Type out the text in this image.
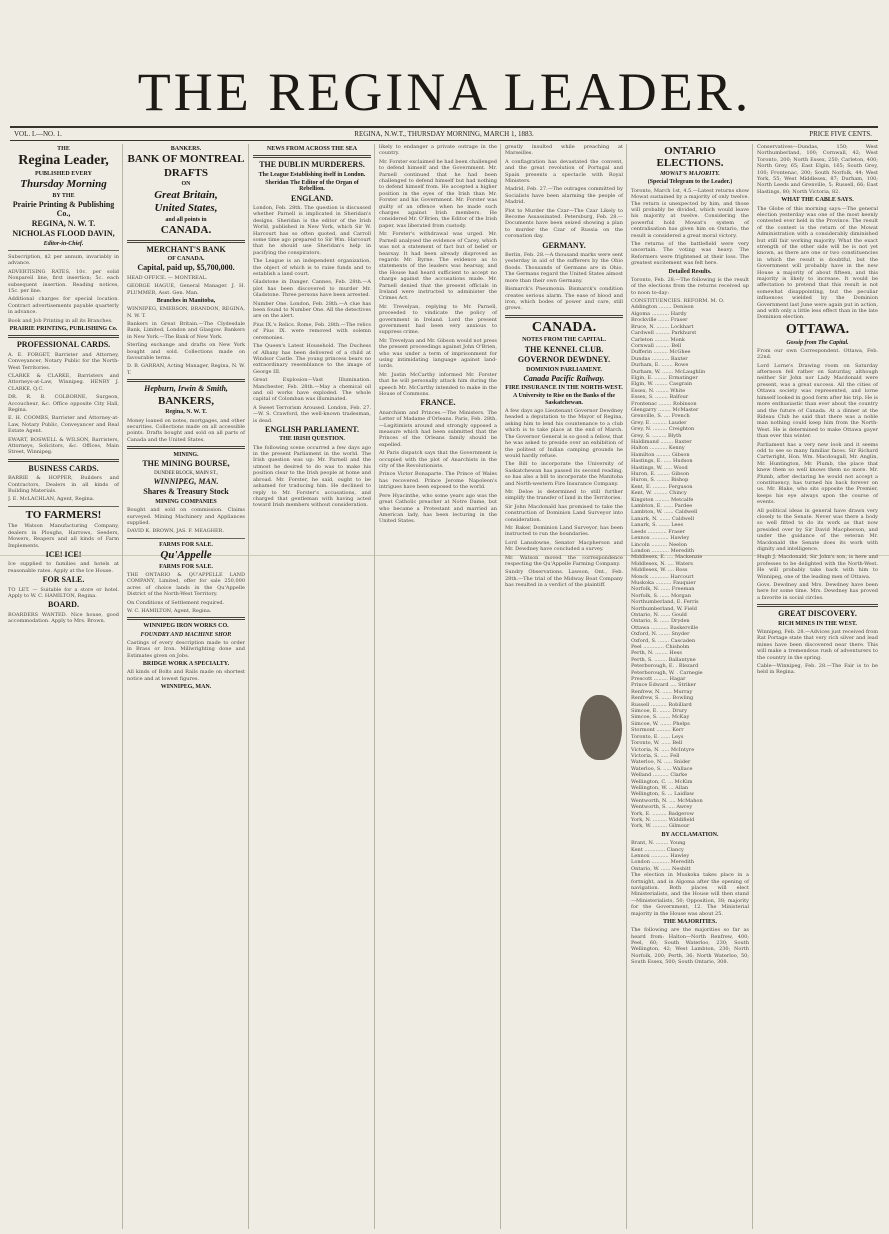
THE REGINA LEADER.
VOL. I.—NO. 1.	REGINA, N.W.T., THURSDAY MORNING, MARCH 1, 1883.	PRICE FIVE CENTS.
THE
Regina Leader,
PUBLISHED EVERY
Thursday Morning
BY THE
Prairie Printing & Publishing Co.,
REGINA, N. W. T.
NICHOLAS FLOOD DAVIN,
Editor-in-Chief.

Subscription, $2 per annum, invariably in advance.

ADVERTISING RATES, 10c. per solid Nonpareil line, first insertion; 5c. each subsequent insertion. Reading notices, 15c. per line.

Additional charges for special location. Contract advertisements payable quarterly in advance.

Book and Job Printing in all its Branches.

PRAIRIE PRINTING, PUBLISHING Co.
PROFESSIONAL CARDS.

A. E. FORGET, Barrister and Attorney, Conveyancer, Notary Public for the North-West Territories.

CLARKE & CLARKE, Barristers and Attorneys-at-Law, Winnipeg. HENRY J. CLARKE, Q.C.

DR. R. B. COLBORNE, Surgeon, Accoucheur, &c. Office opposite City Hall, Regina.

E. H. COOMBS, Barrister and Attorney-at-Law, Notary Public, Conveyancer and Real Estate Agent.

EWART, BOSWELL & WILSON, Barristers, Attorneys, Solicitors, &c. Offices, Main Street, Winnipeg.

BUSINESS CARDS.

BARRIE & HOPPER, Builders and Contractors, Dealers in all kinds of Building Materials.

J. E. McLACHLAN, Agent, Regina.

TO FARMERS!

The Watson Manufacturing Company, dealers in Ploughs, Harrows, Seeders, Mowers, Reapers and all kinds of Farm Implements.

ICE! ICE!

Ice supplied to families and hotels at reasonable rates. Apply at the Ice House.

FOR SALE.

TO LET. — Suitable for a store or hotel. Apply to W. C. HAMILTON, Regina.

BOARD.

BOARDERS WANTED. Nice house, good accommodation. Apply to Mrs. Brown.

BANKERS.
BANK OF MONTREAL
DRAFTS
ON
Great Britain,
United States,
and all points in
CANADA.
MERCHANT'S BANK
OF CANADA.
Capital, paid up, $5,700,000.

HEAD OFFICE. — MONTREAL.

GEORGE HAGUE, General Manager. J. H. PLUMMER, Asst. Gen. Man.

Branches in Manitoba,

WINNIPEG, EMERSON, BRANDON, REGINA, N. W. T.

Bankers in Great Britain.—The Clydesdale Bank, Limited, London and Glasgow. Bankers in New York.—The Bank of New York.

Sterling exchange and drafts on New York bought and sold. Collections made on favourable terms.

D. B. GARRAN, Acting Manager, Regina, N. W. T.

Hepburn, Irwin & Smith,
BANKERS,
Regina, N. W. T.

Money loaned on notes, mortgages, and other securities. Collections made on all accessible points. Drafts bought and sold on all parts of Canada and the United States.

MINING.
THE MINING BOURSE,

DUNDEE BLOCK, MAIN ST.,

WINNIPEG, MAN.
Shares & Treasury Stock
MINING COMPANIES

Bought and sold on commission. Claims surveyed. Mining Machinery and Appliances supplied.

DAVID K. BROWN, JAS. F. MEAGHER.

FARMS FOR SALE.
Qu'Appelle
FARMS FOR SALE.

THE ONTARIO & QU'APPELLE LAND COMPANY, Limited, offer for sale 250,000 acres of choice lands in the Qu'Appelle District of the North-West Territory.

On Conditions of Settlement required.

W. C. HAMILTON, Agent, Regina.

WINNIPEG IRON WORKS CO.
FOUNDRY AND MACHINE SHOP.

Castings of every description made to order in Brass or Iron. Millwrighting done and Estimates given on Jobs.

BRIDGE WORK A SPECIALTY.

All kinds of Bolts and Rails made on shortest notice and at lowest figures.

WINNIPEG, MAN.
NEWS FROM ACROSS THE SEA
THE DUBLIN MURDERERS.
The League Establishing itself in London.
Sheridan The Editor of the Organ of Rebellion.
ENGLAND.

London, Feb. 28th. The question is discussed whether Parnell is implicated in Sheridan's designs. Sheridan is the editor of the Irish World, published in New York, which Sir W. Harcourt has so often quoted, and Carroll some time ago prepared to Sir Wm. Harcourt that he should use Sheridan's help in pacifying the conspirators.

The League is an independent organization, the object of which is to raise funds and to establish a land court.

Gladstone in Danger. Cannes, Feb. 28th.—A plot has been discovered to murder Mr. Gladstone. Three persons have been arrested.

Number One. London, Feb. 28th.—A clue has been found to Number One. All the detectives are on the alert.

Pius IX.'s Relics. Rome, Feb. 28th.—The relics of Pius IX. were removed with solemn ceremonies.

The Queen's Latest Household. The Duchess of Albany has been delivered of a child at Windsor Castle. The young princess bears no extraordinary resemblance to the image of George III.

Great Explosion—Vast Illumination. Manchester, Feb. 28th.—May a chemical oil and oil works have exploded. The whole capital of Colomban was illuminated.

A Sweet Terrorism Aroused. London, Feb. 27.—W. S. Crawford, the well-known tradesman, is dead.

ENGLISH PARLIAMENT.
THE IRISH QUESTION.

The following scene occurred a few days ago in the present Parliament in the world. The Irish question was up: Mr. Parnell and the utmost he desired to do was to make his position clear to the Irish people at home and abroad. Mr. Forster, he said, ought to be ashamed for traducing him. He declined to reply to Mr. Forster's accusations, and charged that gentleman with having acted toward Irish members without consideration.

likely to endanger a private outrage in the country.

Mr. Forster exclaimed he had been challenged to defend himself and the Government. Mr. Parnell continued that he had been challenged to defend himself but had nothing to defend himself from. He accepted a higher position in the eyes of the Irish than Mr. Forster and his Government. Mr. Forster was guilty of an offence when he made such charges against Irish members. He considered Mr. O'Brien, the Editor of the Irish paper, was liberated from custody.

Mr. Forster's withdrawal was urged. Mr. Parnell analysed the evidence of Carey, which was not a statement of fact but of belief or hearsay. It had been already disproved as regards Mr. Byrne. The evidence as to statements of the leaders was hearsay, and the House had heard sufficient to accept no charge against the accusations made. Mr. Parnell denied that the present officials in Ireland were instructed to administer the Crimes Act.

Mr. Trevelyan, replying to Mr. Parnell, proceeded to vindicate the policy of government in Ireland. Lord the present government had been very anxious to suppress crime.

Mr. Trevelyan and Mr. Gibson would not press the present proceedings against John O'Brien, who was under a term of imprisonment for using intimidating language against land-lords.

Mr. Justin McCarthy informed Mr. Forster that he will personally attack him during the speech Mr. McCarthy intended to make in the House of Commons.

FRANCE.

Anarchism and Princes.—The Ministers. The Letter of Madame d'Orleans. Paris, Feb. 28th.—Legitimists around and strongly opposed a measure which had been submitted that the Princes of the Orleans family should be expelled.

At Paris dispatch says that the Government is occupied with the plot of Anarchists in the city of the Revolutionists.

Prince Victor Bonaparte. The Prince of Wales has recovered. Prince Jerome Napoleon's intrigues have been exposed to the world.

Pere Hyacinthe, who some years ago was the great Catholic preacher at Notre Dame, but who became a Protestant and married an American lady, has been lecturing in the United States.

greatly insulted while preaching at Marseilles.

A conflagration has devastated the convent, and the great revolution of Portugal and Spain presents a spectacle with Royal Ministers.

Madrid, Feb. 27.—The outrages committed by Socialists have been alarming the people of Madrid.

Plot to Murder the Czar—The Czar Likely to Become Assassinated. Petersburg, Feb. 28.—Documents have been seized showing a plan to murder the Czar of Russia on the coronation day.

GERMANY.

Berlin, Feb. 28.—A thousand marks were sent yesterday in aid of the sufferers by the Ohio floods. Thousands of Germans are in Ohio. The Germans regard the United States almost more than their own Germany.

Bismarck's Pneumonia. Bismarck's condition creates serious alarm. The ease of blood and iron, which bodes of power and care, still grows.

CANADA.
NOTES FROM THE CAPITAL.
THE KENNEL CLUB.
GOVERNOR DEWDNEY.
DOMINION PARLIAMENT.
Canada Pacific Railway.
FIRE INSURANCE IN THE NORTH-WEST.
A University to Rise on the Banks of the Saskatchewan.

A few days ago Lieutenant Governor Dewdney headed a deputation to the Mayor of Regina, asking him to lend his countenance to a club which is to take place at the end of March. The Governor General is so good a fellow, that he was asked to preside over an exhibition of the politest of Indian camping grounds he would hardly refuse.

The Bill to incorporate the University of Saskatchewan has passed its second reading, so has also a bill to incorporate the Manitoba and North-western Fire Insurance Company.

Mr. Deloe is determined to still further simplify the transfer of land in the Territories.

Sir John Macdonald has promised to take the construction of Dominion Land Surveyor into consideration.

Mr. Baker, Dominion Land Surveyor, has been instructed to run the boundaries.

Lord Lansdowne, Senator Macpherson and Mr. Dewdney have concluded a survey.

Mr. Watson moved the correspondence respecting the Qu'Appelle Farming Company.

Sundry Observations. Lawson, Ont., Feb. 28th.—The trial of the Midway Boat Company has resulted in a verdict of the plaintiff.

ONTARIO ELECTIONS.
MOWAT'S MAJORITY.
(Special Telegram to the Leader.)

Toronto, March 1st, 4.5.—Latest returns show Mowat sustained by a majority of only twelve. The return is unexpected by him, and those will probably be divided, which would leave his majority at twelve. Considering the powerful hold Mowat's system of centralisation has given him on Ontario, the result is considered a great moral victory.

The returns of the battlefield were very uncertain. The voting was heavy. The Reformers were frightened at their loss. The greatest excitement was felt here.

Detailed Results.

Toronto, Feb. 28.—The following is the result of the elections from the returns received up to noon to-day:

CONSTITUENCIES. REFORM. M. O.
Addington ........ Denison
Algoma ........... Hardy
Brockville ....... Fraser
Bruce, N. ........ Lockhart
Cardwell ......... Parkhurst
Carleton ......... Monk
Cornwall ......... Bell
Dufferin ......... McGhee
Dundas ........... Baxter
Durham, E. ....... Rowe
Durham, W. ....... McLaughlin
Elgin, E. ........ Ermatinger
Elgin, W. ........ Casgrain
Essex, N. ........ White
Essex, S. ........ Balfour
Frontenac ........ Robinson
Glengarry ........ McMaster
Grenville, S. .... French
Grey, E. ......... Lauder
Grey, N. ......... Creighton
Grey, S. ......... Blyth
Haldimand ........ Baxter
Halton ........... Kenny
Hamilton ......... Gibson
Hastings, E. ..... Hudson
Hastings, W. ..... Wood
Huron, E. ........ Gibson
Huron, S. ........ Bishop
Kent, E. ......... Ferguson
Kent, W. ......... Chincy
Kingston ......... Metcalfe
Lambton, E. ...... Pardee
Lambton, W. ...... Caldwell
Lanark, N. ....... Caldwell
Lanark, S. ....... Lees
Leeds ............ Fraser
Lennox ........... Hawley
Lincoln .......... Neelon
London ........... Meredith
Middlesex, E. .... Mackenzie
Middlesex, N. .... Waters
Middlesex, W. .... Ross
Monck ............ Harcourt
Muskoka .......... Fauquier
Norfolk, N. ...... Freeman
Norfolk, S. ...... Morgan
Northumberland, E. Ferris
Northumberland, W. Field
Ontario, N. ...... Gould
Ontario, S. ...... Dryden
Ottawa ........... Baskerville
Oxford, N. ....... Snyder
Oxford, S. ....... Cascaden
Peel ............. Chisholm
Perth, N. ........ Hess
Perth, S. ........ Ballantyne
Peterborough, E. . Blezard
Peterborough, W. . Carnegie
Prescott ......... Hagar
Prince Edward .... Striker
Renfrew, N. ...... Murray
Renfrew, S. ...... Bowling
Russell .......... Robillard
Simcoe, E. ....... Drury
Simcoe, S. ....... McKay
Simcoe, W. ....... Phelps
Stormont ......... Kerr
Toronto, E. ...... Leys
Toronto, W. ...... Bell
Victoria, N. ..... McIntyre
Victoria, S. ..... Fell
Waterloo, N. ..... Snider
Waterloo, S. ..... Wallace
Welland .......... Clarke
Wellington, C. ... McKim
Wellington, W. ... Allan
Wellington, S. ... Laidlaw
Wentworth, N. .... McMahon
Wentworth, S. .... Awrey
York, E. ......... Badgerow
York, N. ......... Widdifield
York, W. ......... Gilmour
BY ACCLAMATION.
Brant, N. ........ Young
Kent ............. Clancy
Lennox ........... Hawley
London ........... Meredith
Ontario, W. ...... Nesbitt

The election in Muskoka takes place in a fortnight, and in Algoma after the opening of navigation. Both places will elect Ministerialists, and the House will then stand—Ministerialists, 50; Opposition, 38; majority for the Government, 12. The Ministerial majority in the House was about 25.

THE MAJORITIES.

The following are the majorities so far as heard from: Halton—North Renfrew, 400; Peel, 60; South Waterloo, 230; South Wellington, 42; West Lambton, 230; North Norfolk, 200; Perth, 36; North Waterloo, 50; South Essex, 500; South Ontario, 308.

Conservatives—Dundas, 150; West Northumberland, 100; Cornwall, 42; West Toronto, 200; North Essex, 250; Carleton, 400; North Grey, 65; East Elgin, 165; South Grey, 100; Frontenac, 200; South Norfolk, 44; West York, 55; West Middlesex, 87; Durham, 100; North Leeds and Grenville, 5; Russell, 66; East Hastings, 80; North Victoria, 82.

WHAT THE CABLE SAYS.

The Globe of this morning says:—The general election yesterday was one of the most keenly contested ever held in the Province. The result of the contest is the return of the Mowat Administration with a considerably diminished but still fair working majority. What the exact strength of the other side will be is not yet known, as there are one or two constituencies in which the result is doubtful, but the Government will probably have in the new House a majority of about fifteen, and this majority is likely to increase. It would be affectation to pretend that this result is not somewhat disappointing, but the peculiar influences wielded by the Dominion Government last June were again put in action, and with only a little less effect than in the late Dominion election.

OTTAWA.
Gossip from The Capital.

From our own Correspondent. Ottawa, Feb. 22nd.

Lord Lorne's Drawing room on Saturday afternoon fell rather on Saturday, although neither Sir John nor Lady Macdonald were present, was a great success. All the cities of Ottawa society was represented, and lorne himself looked in good form after his trip. He is more enthusiastic than ever about the country and the future of Canada. At a dinner at the Rideau Club he said that there was a noble man nothing could keep him from the North-West. He is determined to make Ottawa gayer than ever this winter.

Parliament has a very new look and it seems odd to see so many familiar faces. Sir Richard Cartwright, Hon. Wm. Macdougall, Mr. Anglin, Mr. Huntington, Mr. Plumb, the place that knew them so well knows them no more. Mr. Plumb, after declaring he would not accept a constituency, has turned his back forever on us. Mr. Blake, who sits opposite the Premier, keeps his eye always upon the course of events.

All political ideas in general have drawn very closely to the Senate. Never was there a body so well fitted to do its work as that now presided over by Sir David Macpherson, and under the guidance of the veteran Mr. Macdonald the Senate does its work with dignity and intelligence.

Hugh J. Macdonald, Sir John's son, is here and professes to be delighted with the North-West. He will probably take back with him to Winnipeg, one of the leading men of Ottawa.

Govs. Dewdney and Mrs. Dewdney have been here for some time. Mrs. Dewdney has proved a favorite in social circles.

GREAT DISCOVERY.
RICH MINES IN THE WEST.

Winnipeg, Feb. 28.—Advices just received from Rat Portage state that very rich silver and lead mines have been discovered near there. This will make a tremendous rush of adventurers to the country in the spring.

Cable—Winnipeg, Feb. 28.—The Fair is to be held in Regina.
